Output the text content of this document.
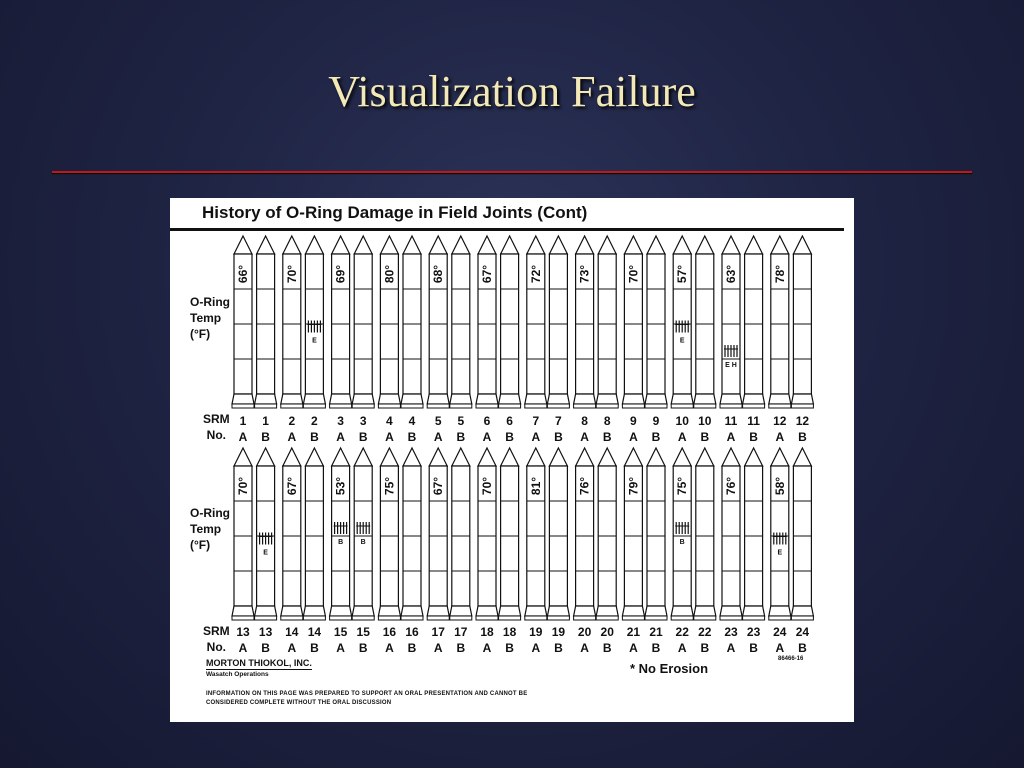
Visualization Failure
History of O-Ring Damage in Field Joints (Cont)
O-Ring
Temp
(°F)
O-Ring
Temp
(°F)
SRM
No.
SRM
No.
66°
1
A
1
B
70°
E
2
A
2
B
69°
3
A
3
B
80°
4
A
4
B
68°
5
A
5
B
67°
6
A
6
B
72°
7
A
7
B
73°
8
A
8
B
70°
9
A
9
B
57°
E
10
A
10
B
63°
E H
11
A
11
B
78°
12
A
12
B
70°
E
13
A
13
B
67°
14
A
14
B
53°
B	B
15
A
15
B
75°
16
A
16
B
67°
17
A
17
B
70°
18
A
18
B
81°
19
A
19
B
76°
20
A
20
B
79°
21
A
21
B
75°
B
22
A
22
B
76°
23
A
23
B
58°
E
24
A
24
B
* No Erosion
86466-16
MORTON THIOKOL, INC.
Wasatch Operations
INFORMATION ON THIS PAGE WAS PREPARED TO SUPPORT AN ORAL PRESENTATION AND CANNOT BE CONSIDERED COMPLETE WITHOUT THE ORAL DISCUSSION
